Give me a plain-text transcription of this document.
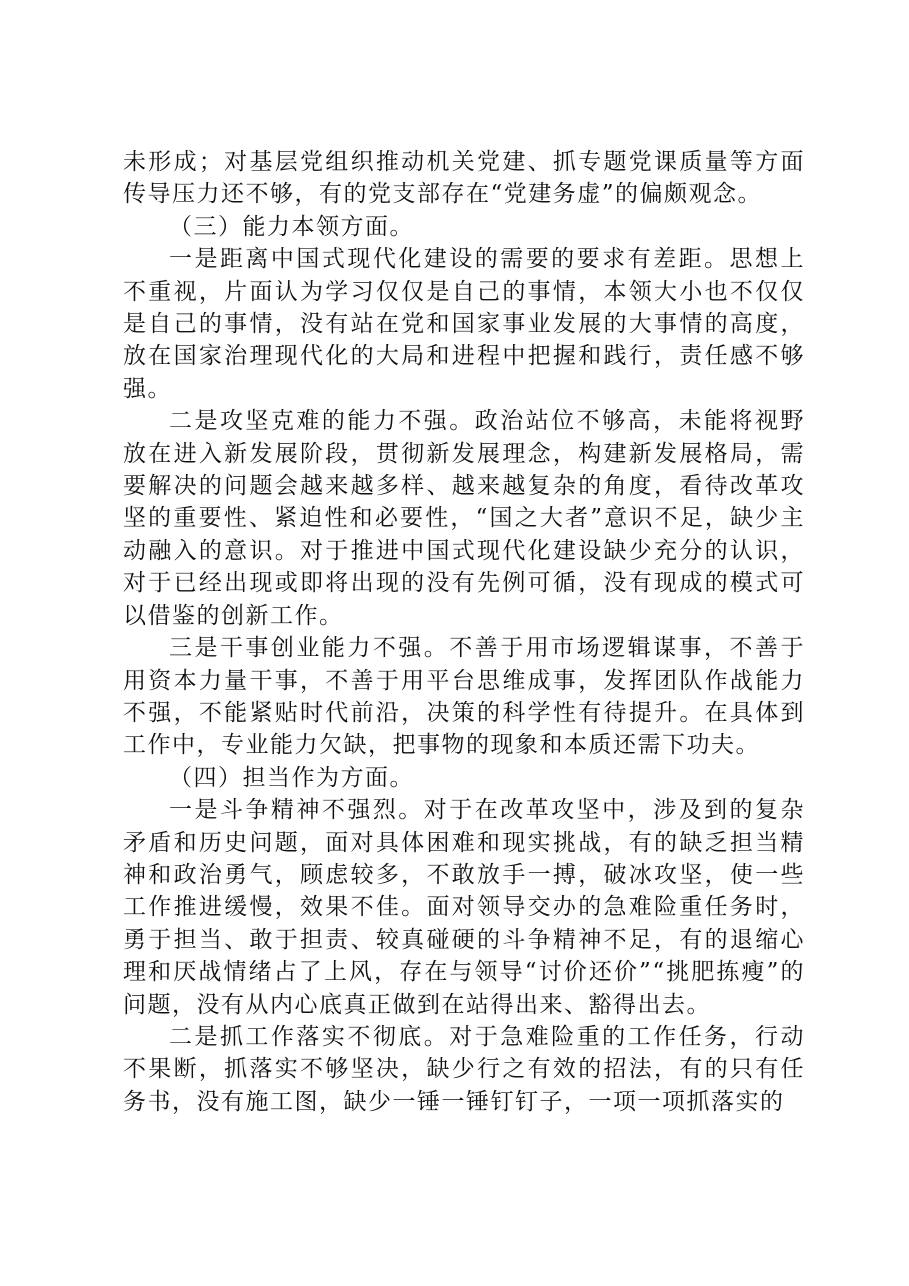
未形成；对基层党组织推动机关党建、抓专题党课质量等方面传导压力还不够，有的党支部存在“党建务虚”的偏颇观念。

（三）能力本领方面。

一是距离中国式现代化建设的需要的要求有差距。思想上不重视，片面认为学习仅仅是自己的事情，本领大小也不仅仅是自己的事情，没有站在党和国家事业发展的大事情的高度，放在国家治理现代化的大局和进程中把握和践行，责任感不够强。

二是攻坚克难的能力不强。政治站位不够高，未能将视野放在进入新发展阶段，贯彻新发展理念，构建新发展格局，需要解决的问题会越来越多样、越来越复杂的角度，看待改革攻坚的重要性、紧迫性和必要性，“国之大者”意识不足，缺少主动融入的意识。对于推进中国式现代化建设缺少充分的认识，对于已经出现或即将出现的没有先例可循，没有现成的模式可以借鉴的创新工作。

三是干事创业能力不强。不善于用市场逻辑谋事，不善于用资本力量干事，不善于用平台思维成事，发挥团队作战能力不强，不能紧贴时代前沿，决策的科学性有待提升。在具体到工作中，专业能力欠缺，把事物的现象和本质还需下功夫。

（四）担当作为方面。

一是斗争精神不强烈。对于在改革攻坚中，涉及到的复杂矛盾和历史问题，面对具体困难和现实挑战，有的缺乏担当精神和政治勇气，顾虑较多，不敢放手一搏，破冰攻坚，使一些工作推进缓慢，效果不佳。面对领导交办的急难险重任务时，勇于担当、敢于担责、较真碰硬的斗争精神不足，有的退缩心理和厌战情绪占了上风，存在与领导“讨价还价”“挑肥拣瘦”的问题，没有从内心底真正做到在站得出来、豁得出去。

二是抓工作落实不彻底。对于急难险重的工作任务，行动不果断，抓落实不够坚决，缺少行之有效的招法，有的只有任务书，没有施工图，缺少一锤一锤钉钉子，一项一项抓落实的
